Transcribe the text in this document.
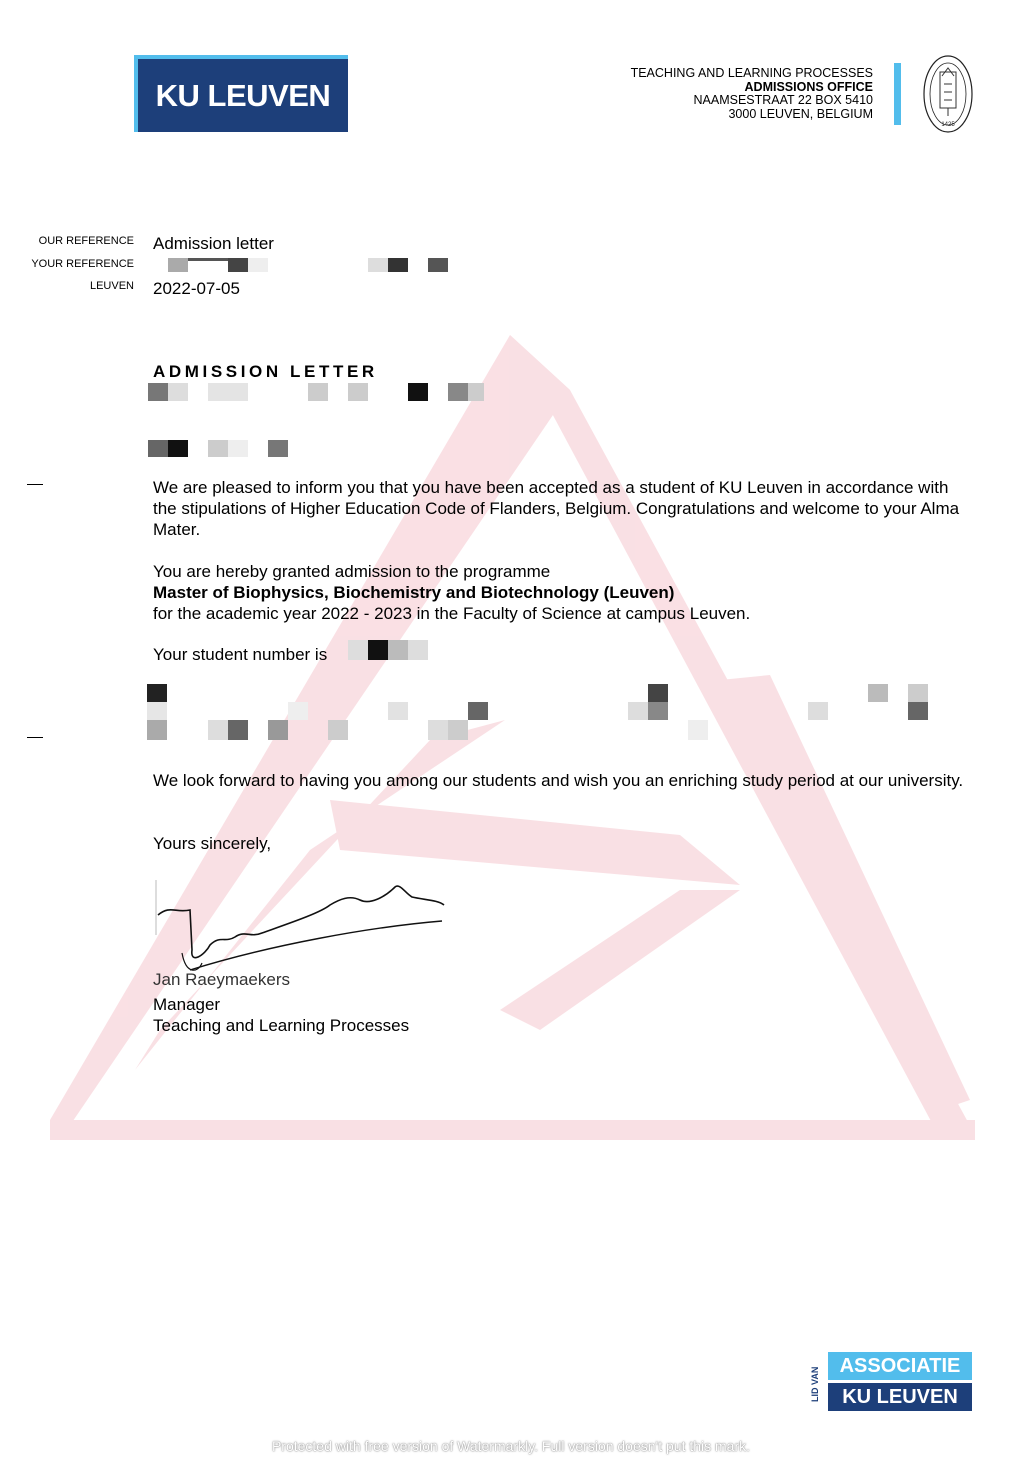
KU LEUVEN
TEACHING AND LEARNING PROCESSES
ADMISSIONS OFFICE
NAAMSESTRAAT 22 BOX 5410
3000 LEUVEN, BELGIUM
1425
OUR REFERENCE Admission letter
YOUR REFERENCE
LEUVEN 2022-07-05
ADMISSION LETTER
We are pleased to inform you that you have been accepted as a student of KU Leuven in accordance with the stipulations of Higher Education Code of Flanders, Belgium. Congratulations and welcome to your Alma Mater.
You are hereby granted admission to the programme
Master of Biophysics, Biochemistry and Biotechnology (Leuven)
for the academic year 2022 - 2023 in the Faculty of Science at campus Leuven.
Your student number is
We look forward to having you among our students and wish you an enriching study period at our university.
Yours sincerely,
Jan Raeymaekers
Manager
Teaching and Learning Processes
LID VAN
ASSOCIATIE
KU LEUVEN
Protected with free version of Watermarkly. Full version doesn't put this mark.
